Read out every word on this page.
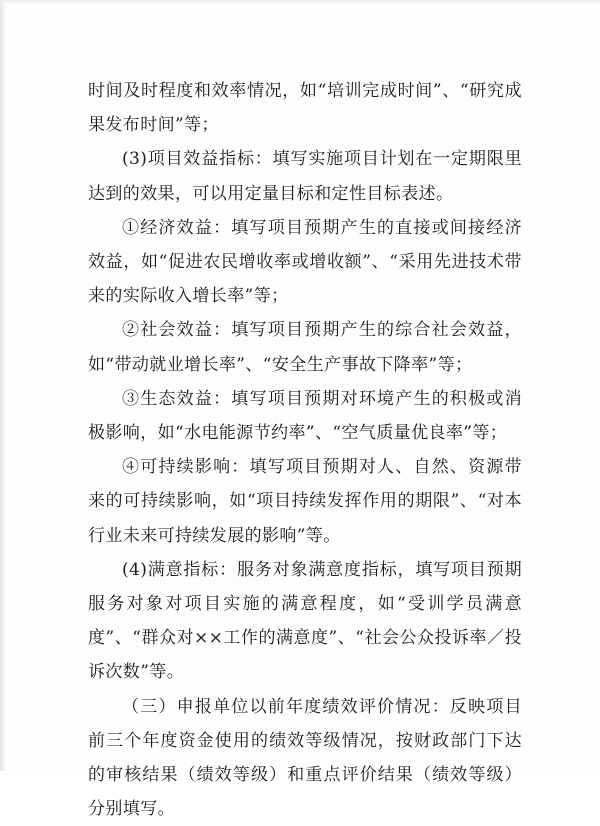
时间及时程度和效率情况，如“培训完成时间”、“研究成果发布时间”等；

(3)项目效益指标：填写实施项目计划在一定期限里达到的效果，可以用定量目标和定性目标表述。

①经济效益：填写项目预期产生的直接或间接经济效益，如“促进农民增收率或增收额”、“采用先进技术带来的实际收入增长率”等；

②社会效益：填写项目预期产生的综合社会效益，如“带动就业增长率”、“安全生产事故下降率”等；

③生态效益：填写项目预期对环境产生的积极或消极影响，如“水电能源节约率”、“空气质量优良率”等；

④可持续影响：填写项目预期对人、自然、资源带来的可持续影响，如“项目持续发挥作用的期限”、“对本行业未来可持续发展的影响”等。

(4)满意指标：服务对象满意度指标，填写项目预期服务对象对项目实施的满意程度，如“受训学员满意度”、“群众对××工作的满意度”、“社会公众投诉率／投诉次数”等。

（三）申报单位以前年度绩效评价情况：反映项目前三个年度资金使用的绩效等级情况，按财政部门下达的审核结果（绩效等级）和重点评价结果（绩效等级）分别填写。
